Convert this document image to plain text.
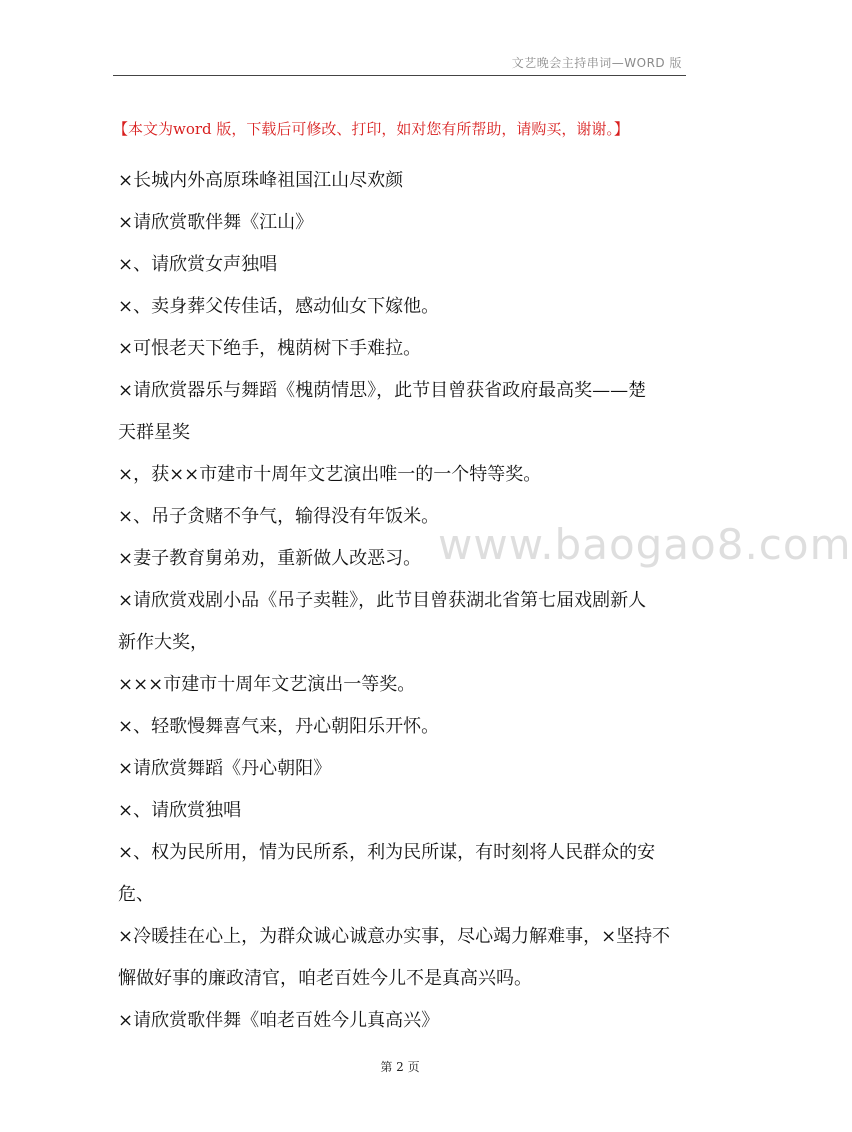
文艺晚会主持串词—WORD 版
【本文为word 版，下载后可修改、打印，如对您有所帮助，请购买，谢谢。】
www.baogao8.com
×长城内外高原珠峰祖国江山尽欢颜
×请欣赏歌伴舞《江山》
×、请欣赏女声独唱
×、卖身葬父传佳话，感动仙女下嫁他。
×可恨老天下绝手，槐荫树下手难拉。
×请欣赏器乐与舞蹈《槐荫情思》，此节目曾获省政府最高奖——楚
天群星奖
×，获××市建市十周年文艺演出唯一的一个特等奖。
×、吊子贪赌不争气，输得没有年饭米。
×妻子教育舅弟劝，重新做人改恶习。
×请欣赏戏剧小品《吊子卖鞋》，此节目曾获湖北省第七届戏剧新人
新作大奖，
×××市建市十周年文艺演出一等奖。
×、轻歌慢舞喜气来，丹心朝阳乐开怀。
×请欣赏舞蹈《丹心朝阳》
×、请欣赏独唱
×、权为民所用，情为民所系，利为民所谋，有时刻将人民群众的安
危、
×冷暖挂在心上，为群众诚心诚意办实事，尽心竭力解难事，×坚持不
懈做好事的廉政清官，咱老百姓今儿不是真高兴吗。
×请欣赏歌伴舞《咱老百姓今儿真高兴》
第 2 页
